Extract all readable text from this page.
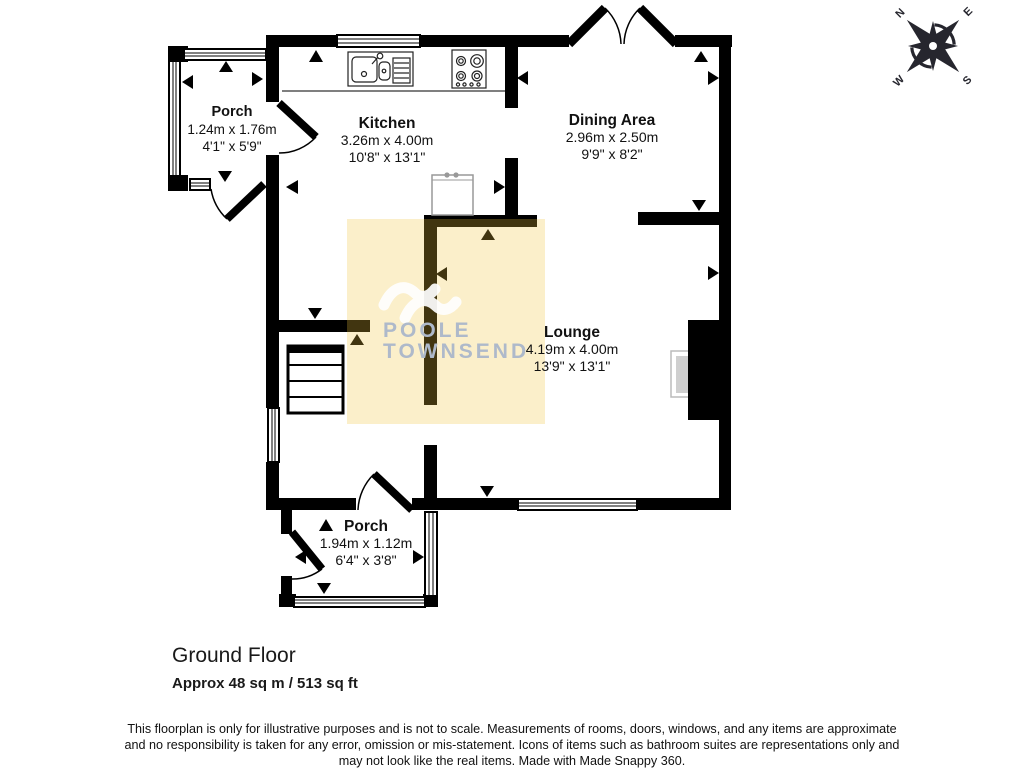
N	E
S
W
Porch
1.24m x 1.76m
4'1" x 5'9"
Kitchen
3.26m x 4.00m
10'8" x 13'1"
Dining Area
2.96m x 2.50m
9'9" x 8'2"
Lounge
4.19m x 4.00m
13'9" x 13'1"
Porch
1.94m x 1.12m
6'4" x 3'8"
POOLE
TOWNSEND
Ground Floor
Approx 48 sq m / 513 sq ft
This floorplan is only for illustrative purposes and is not to scale. Measurements of rooms, doors, windows, and any items are approximate
and no responsibility is taken for any error, omission or mis-statement. Icons of items such as bathroom suites are representations only and
may not look like the real items. Made with Made Snappy 360.
